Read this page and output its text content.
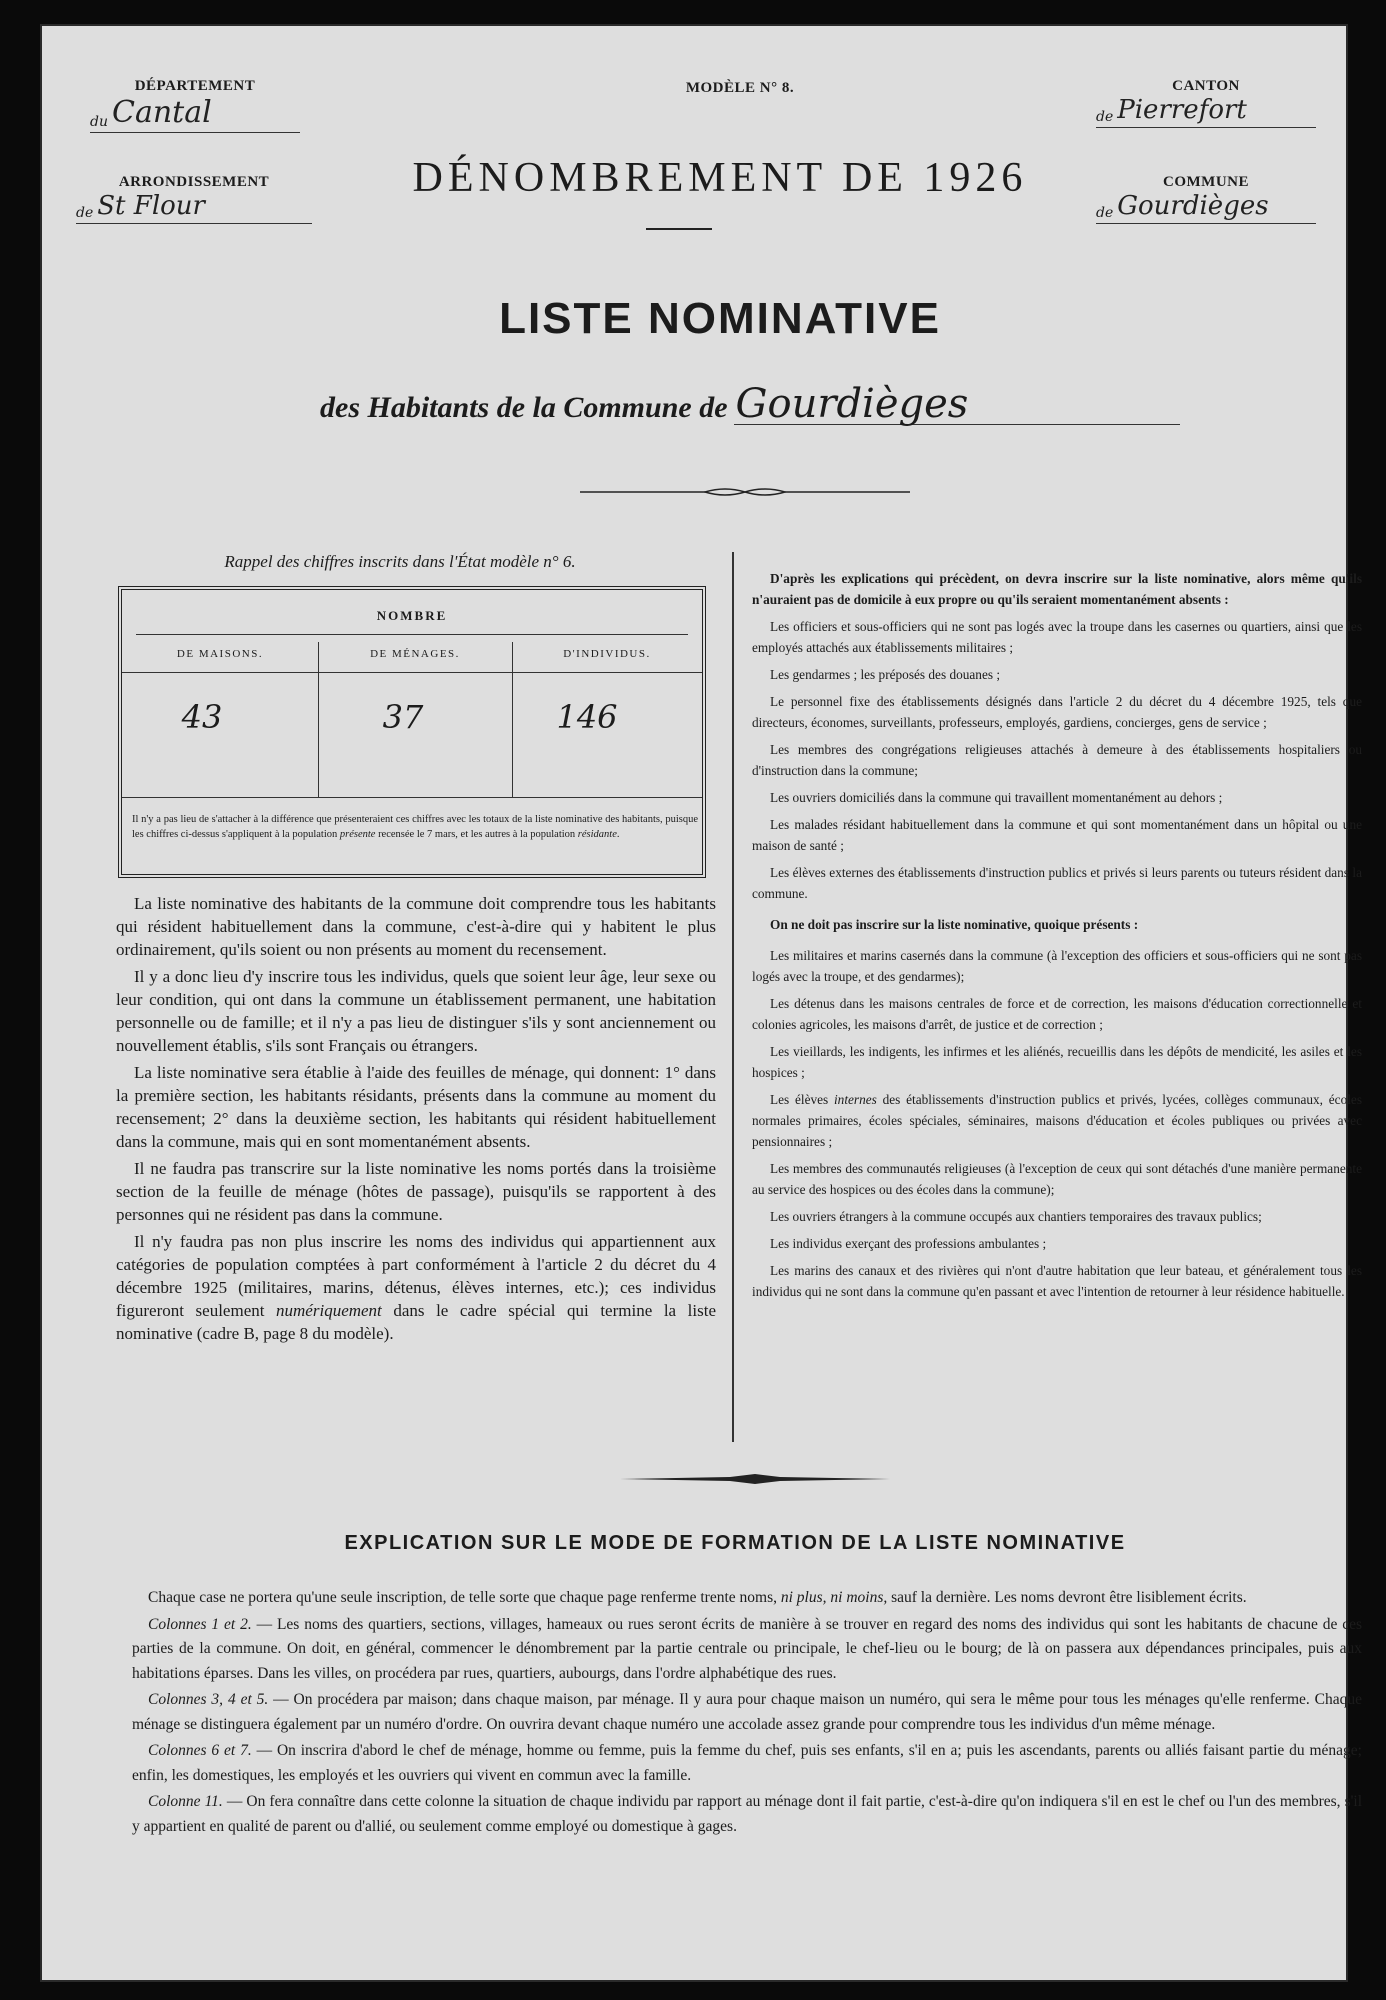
DÉPARTEMENT
du Cantal
ARRONDISSEMENT
de St Flour
MODÈLE N° 8.	CANTON
de Pierrefort
COMMUNE
de Gourdièges
DÉNOMBREMENT DE 1926
LISTE NOMINATIVE
des Habitants de la Commune de Gourdièges
Rappel des chiffres inscrits dans l'État modèle n° 6.
NOMBRE
DE MAISONS.	DE MÉNAGES.	D'INDIVIDUS.
43	37	146
Il n'y a pas lieu de s'attacher à la différence que présenteraient ces chiffres avec les totaux de la liste nominative des habitants, puisque les chiffres ci-dessus s'appliquent à la population présente recensée le 7 mars, et les autres à la population résidante.

La liste nominative des habitants de la commune doit comprendre tous les habitants qui résident habituellement dans la commune, c'est-à-dire qui y habitent le plus ordinairement, qu'ils soient ou non présents au moment du recensement.

Il y a donc lieu d'y inscrire tous les individus, quels que soient leur âge, leur sexe ou leur condition, qui ont dans la commune un établissement permanent, une habitation personnelle ou de famille; et il n'y a pas lieu de distinguer s'ils y sont anciennement ou nouvellement établis, s'ils sont Français ou étrangers.

La liste nominative sera établie à l'aide des feuilles de ménage, qui donnent: 1° dans la première section, les habitants résidants, présents dans la commune au moment du recensement; 2° dans la deuxième section, les habitants qui résident habituellement dans la commune, mais qui en sont momentanément absents.

Il ne faudra pas transcrire sur la liste nominative les noms portés dans la troisième section de la feuille de ménage (hôtes de passage), puisqu'ils se rapportent à des personnes qui ne résident pas dans la commune.

Il n'y faudra pas non plus inscrire les noms des individus qui appartiennent aux catégories de population comptées à part conformément à l'article 2 du décret du 4 décembre 1925 (militaires, marins, détenus, élèves internes, etc.); ces individus figureront seulement numériquement dans le cadre spécial qui termine la liste nominative (cadre B, page 8 du modèle).

D'après les explications qui précèdent, on devra inscrire sur la liste nominative, alors même qu'ils n'auraient pas de domicile à eux propre ou qu'ils seraient momentanément absents :

Les officiers et sous-officiers qui ne sont pas logés avec la troupe dans les casernes ou quartiers, ainsi que les employés attachés aux établissements militaires ;

Les gendarmes ; les préposés des douanes ;

Le personnel fixe des établissements désignés dans l'article 2 du décret du 4 décembre 1925, tels que directeurs, économes, surveillants, professeurs, employés, gardiens, concierges, gens de service ;

Les membres des congrégations religieuses attachés à demeure à des établissements hospitaliers ou d'instruction dans la commune;

Les ouvriers domiciliés dans la commune qui travaillent momentanément au dehors ;

Les malades résidant habituellement dans la commune et qui sont momentanément dans un hôpital ou une maison de santé ;

Les élèves externes des établissements d'instruction publics et privés si leurs parents ou tuteurs résident dans la commune.

On ne doit pas inscrire sur la liste nominative, quoique présents :

Les militaires et marins casernés dans la commune (à l'exception des officiers et sous-officiers qui ne sont pas logés avec la troupe, et des gendarmes);

Les détenus dans les maisons centrales de force et de correction, les maisons d'éducation correctionnelle et colonies agricoles, les maisons d'arrêt, de justice et de correction ;

Les vieillards, les indigents, les infirmes et les aliénés, recueillis dans les dépôts de mendicité, les asiles et les hospices ;

Les élèves internes des établissements d'instruction publics et privés, lycées, collèges communaux, écoles normales primaires, écoles spéciales, séminaires, maisons d'éducation et écoles publiques ou privées avec pensionnaires ;

Les membres des communautés religieuses (à l'exception de ceux qui sont détachés d'une manière permanente au service des hospices ou des écoles dans la commune);

Les ouvriers étrangers à la commune occupés aux chantiers temporaires des travaux publics;

Les individus exerçant des professions ambulantes ;

Les marins des canaux et des rivières qui n'ont d'autre habitation que leur bateau, et généralement tous les individus qui ne sont dans la commune qu'en passant et avec l'intention de retourner à leur résidence habituelle.

EXPLICATION SUR LE MODE DE FORMATION DE LA LISTE NOMINATIVE

Chaque case ne portera qu'une seule inscription, de telle sorte que chaque page renferme trente noms, ni plus, ni moins, sauf la dernière. Les noms devront être lisiblement écrits.

Colonnes 1 et 2. — Les noms des quartiers, sections, villages, hameaux ou rues seront écrits de manière à se trouver en regard des noms des individus qui sont les habitants de chacune de ces parties de la commune. On doit, en général, commencer le dénombrement par la partie centrale ou principale, le chef-lieu ou le bourg; de là on passera aux dépendances principales, puis aux habitations éparses. Dans les villes, on procédera par rues, quartiers, aubourgs, dans l'ordre alphabétique des rues.

Colonnes 3, 4 et 5. — On procédera par maison; dans chaque maison, par ménage. Il y aura pour chaque maison un numéro, qui sera le même pour tous les ménages qu'elle renferme. Chaque ménage se distinguera également par un numéro d'ordre. On ouvrira devant chaque numéro une accolade assez grande pour comprendre tous les individus d'un même ménage.

Colonnes 6 et 7. — On inscrira d'abord le chef de ménage, homme ou femme, puis la femme du chef, puis ses enfants, s'il en a; puis les ascendants, parents ou alliés faisant partie du ménage; enfin, les domestiques, les employés et les ouvriers qui vivent en commun avec la famille.

Colonne 11. — On fera connaître dans cette colonne la situation de chaque individu par rapport au ménage dont il fait partie, c'est-à-dire qu'on indiquera s'il en est le chef ou l'un des membres, s'il y appartient en qualité de parent ou d'allié, ou seulement comme employé ou domestique à gages.
